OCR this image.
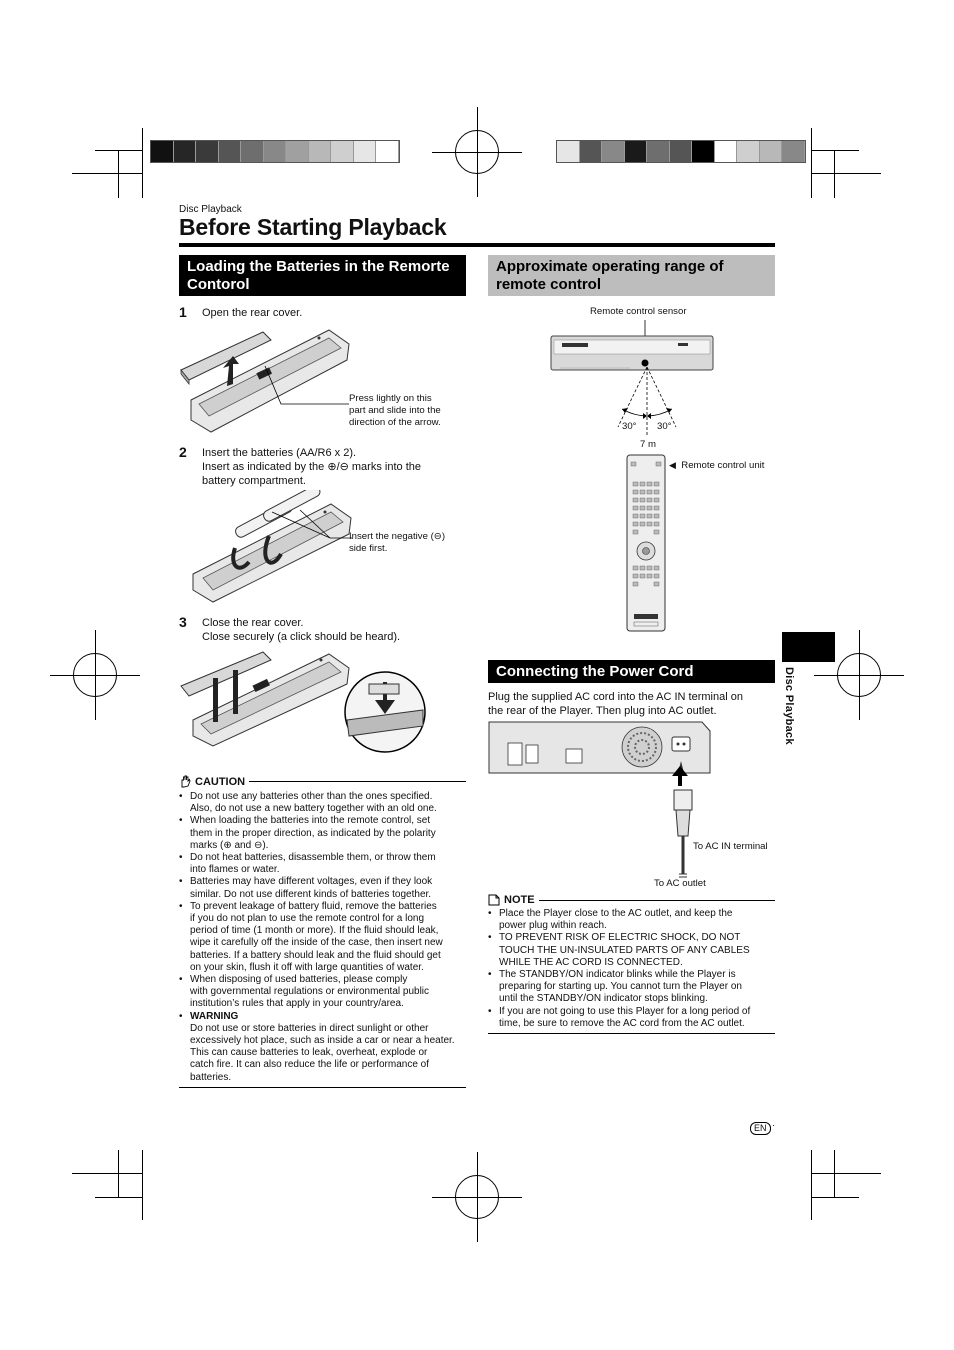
Disc Playback
Before Starting Playback
Loading the Batteries in the Remorte Contorol
1 Open the rear cover.
Press lightly on this
part and slide into the
direction of the arrow.
2 Insert the batteries (AA/R6 x 2).
Insert as indicated by the ⊕/⊖ marks into the
battery compartment.
Insert the negative (⊖)
side first.
3 Close the rear cover.
Close securely (a click should be heard).
CAUTION
• Do not use any batteries other than the ones specified.
Also, do not use a new battery together with an old one.
• When loading the batteries into the remote control, set
them in the proper direction, as indicated by the polarity
marks (⊕ and ⊖).
• Do not heat batteries, disassemble them, or throw them
into flames or water.
• Batteries may have different voltages, even if they look
similar. Do not use different kinds of batteries together.
• To prevent leakage of battery fluid, remove the batteries
if you do not plan to use the remote control for a long
period of time (1 month or more). If the fluid should leak,
wipe it carefully off the inside of the case, then insert new
batteries. If a battery should leak and the fluid should get
on your skin, flush it off with large quantities of water.
• When disposing of used batteries, please comply
with governmental regulations or environmental public
institution’s rules that apply in your country/area.
• WARNING
Do not use or store batteries in direct sunlight or other
excessively hot place, such as inside a car or near a heater.
This can cause batteries to leak, overheat, explode or
catch fire. It can also reduce the life or performance of
batteries.
Approximate operating range of remote control
Remote control sensor
30° 30°
7 m
◀ Remote control unit
Connecting the Power Cord
Plug the supplied AC cord into the AC IN terminal on
the rear of the Player. Then plug into AC outlet.
To AC IN terminal
To AC outlet
NOTE
• Place the Player close to the AC outlet, and keep the
power plug within reach.
• TO PREVENT RISK OF ELECTRIC SHOCK, DO NOT
TOUCH THE UN-INSULATED PARTS OF ANY CABLES
WHILE THE AC CORD IS CONNECTED.
• The STANDBY/ON indicator blinks while the Player is
preparing for starting up. You cannot turn the Player on
until the STANDBY/ON indicator stops blinking.
• If you are not going to use this Player for a long period of
time, be sure to remove the AC cord from the AC outlet.
Disc Playback
EN ·
